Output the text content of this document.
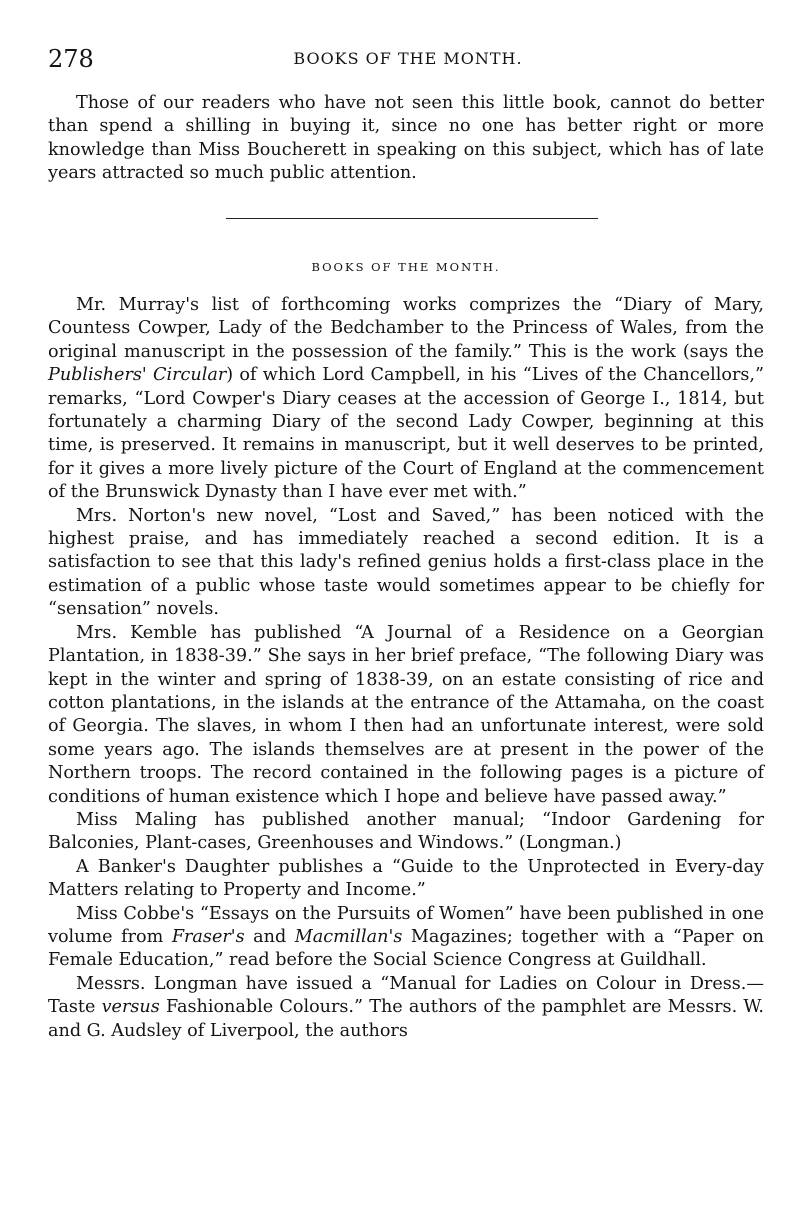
278	BOOKS OF THE MONTH.

Those of our readers who have not seen this little book, cannot do better than spend a shilling in buying it, since no one has better right or more knowledge than Miss Boucherett in speaking on this subject, which has of late years attracted so much public attention.

BOOKS OF THE MONTH.

Mr. Murray's list of forthcoming works comprizes the “Diary of Mary, Countess Cowper, Lady of the Bedchamber to the Princess of Wales, from the original manuscript in the possession of the family.” This is the work (says the Publishers' Circular) of which Lord Campbell, in his “Lives of the Chancellors,” remarks, “Lord Cowper's Diary ceases at the accession of George I., 1814, but fortunately a charming Diary of the second Lady Cowper, beginning at this time, is preserved. It remains in manuscript, but it well deserves to be printed, for it gives a more lively picture of the Court of England at the commencement of the Brunswick Dynasty than I have ever met with.”

Mrs. Norton's new novel, “Lost and Saved,” has been noticed with the highest praise, and has immediately reached a second edition. It is a satisfaction to see that this lady's refined genius holds a first-class place in the estimation of a public whose taste would sometimes appear to be chiefly for “sensation” novels.

Mrs. Kemble has published “A Journal of a Residence on a Georgian Plantation, in 1838-39.” She says in her brief preface, “The following Diary was kept in the winter and spring of 1838-39, on an estate consisting of rice and cotton plantations, in the islands at the entrance of the Attamaha, on the coast of Georgia. The slaves, in whom I then had an unfortunate interest, were sold some years ago. The islands themselves are at present in the power of the Northern troops. The record contained in the following pages is a picture of conditions of human existence which I hope and believe have passed away.”

Miss Maling has published another manual; “Indoor Gardening for Balconies, Plant-cases, Greenhouses and Windows.” (Longman.)

A Banker's Daughter publishes a “Guide to the Unprotected in Every-day Matters relating to Property and Income.”

Miss Cobbe's “Essays on the Pursuits of Women” have been published in one volume from Fraser's and Macmillan's Magazines; together with a “Paper on Female Education,” read before the Social Science Congress at Guildhall.

Messrs. Longman have issued a “Manual for Ladies on Colour in Dress.—Taste versus Fashionable Colours.” The authors of the pamphlet are Messrs. W. and G. Audsley of Liverpool, the authors
